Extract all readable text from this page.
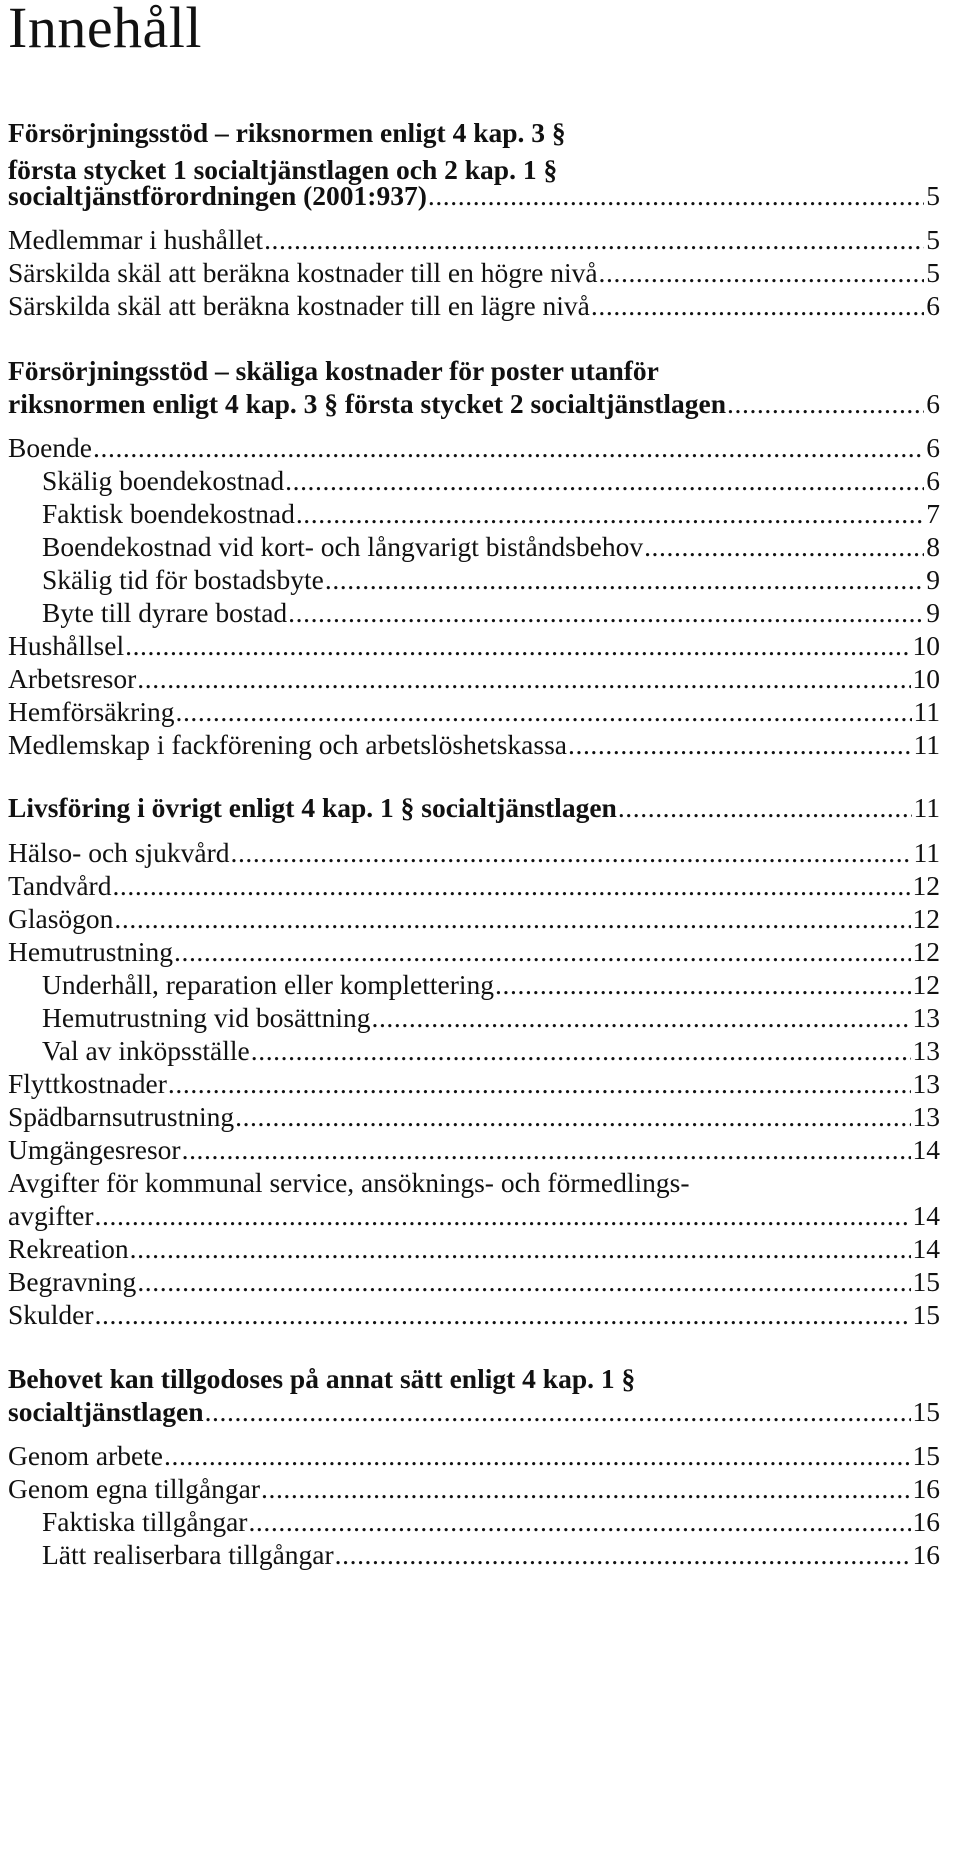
Innehåll
Försörjningsstöd – riksnormen enligt 4 kap. 3 §
första stycket 1 socialtjänstlagen och 2 kap. 1 §
socialtjänstförordningen (2001:937) .....	5
Medlemmar i hushållet .....	5
Särskilda skäl att beräkna kostnader till en högre nivå .....	5
Särskilda skäl att beräkna kostnader till en lägre nivå .....	6
Försörjningsstöd – skäliga kostnader för poster utanför
riksnormen enligt 4 kap. 3 § första stycket 2 socialtjänstlagen .....	6
Boende .....	6
Skälig boendekostnad .....	6
Faktisk boendekostnad .....	7
Boendekostnad vid kort- och långvarigt biståndsbehov .....	8
Skälig tid för bostadsbyte .....	9
Byte till dyrare bostad .....	9
Hushållsel .....	10
Arbetsresor .....	10
Hemförsäkring .....	11
Medlemskap i fackförening och arbetslöshetskassa .....	11
Livsföring i övrigt enligt 4 kap. 1 § socialtjänstlagen .....	11
Hälso- och sjukvård .....	11
Tandvård .....	12
Glasögon .....	12
Hemutrustning .....	12
Underhåll, reparation eller komplettering .....	12
Hemutrustning vid bosättning .....	13
Val av inköpsställe .....	13
Flyttkostnader .....	13
Spädbarnsutrustning .....	13
Umgängesresor .....	14
Avgifter för kommunal service, ansöknings- och förmedlings-
avgifter .....	14
Rekreation .....	14
Begravning .....	15
Skulder .....	15
Behovet kan tillgodoses på annat sätt enligt 4 kap. 1 §
socialtjänstlagen .....	15
Genom arbete .....	15
Genom egna tillgångar .....	16
Faktiska tillgångar .....	16
Lätt realiserbara tillgångar .....	16
